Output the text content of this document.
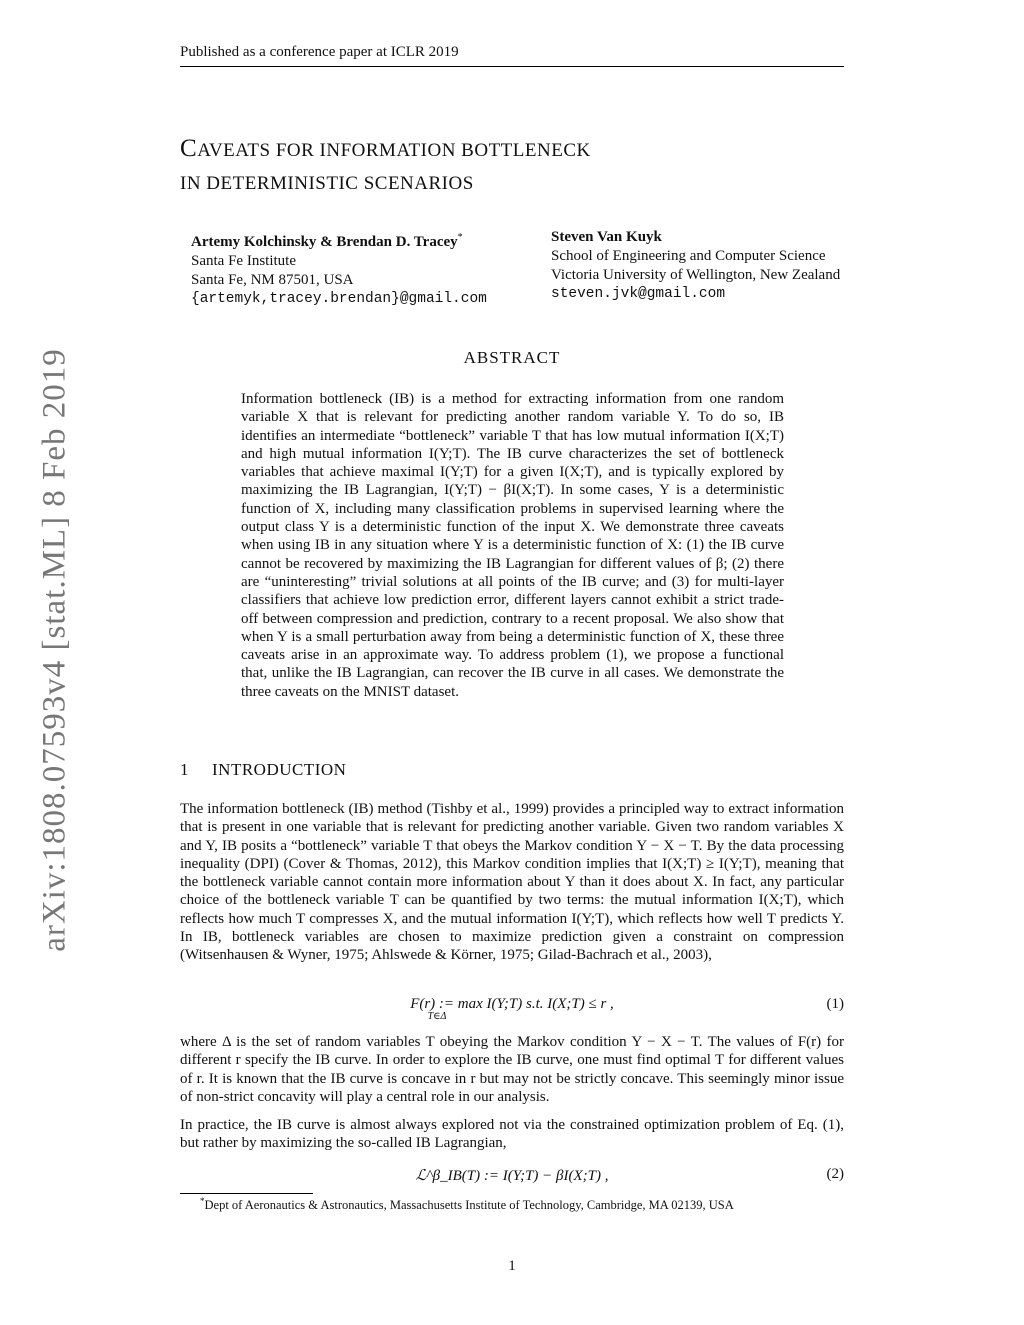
Published as a conference paper at ICLR 2019
CAVEATS FOR INFORMATION BOTTLENECK
IN DETERMINISTIC SCENARIOS
Artemy Kolchinsky & Brendan D. Tracey*
Santa Fe Institute
Santa Fe, NM 87501, USA
{artemyk,tracey.brendan}@gmail.com
Steven Van Kuyk
School of Engineering and Computer Science
Victoria University of Wellington, New Zealand
steven.jvk@gmail.com
arXiv:1808.07593v4 [stat.ML] 8 Feb 2019	ABSTRACT
Information bottleneck (IB) is a method for extracting information from one random variable X that is relevant for predicting another random variable Y. To do so, IB identifies an intermediate “bottleneck” variable T that has low mutual information I(X;T) and high mutual information I(Y;T). The IB curve characterizes the set of bottleneck variables that achieve maximal I(Y;T) for a given I(X;T), and is typically explored by maximizing the IB Lagrangian, I(Y;T) − βI(X;T). In some cases, Y is a deterministic function of X, including many classification problems in supervised learning where the output class Y is a deterministic function of the input X. We demonstrate three caveats when using IB in any situation where Y is a deterministic function of X: (1) the IB curve cannot be recovered by maximizing the IB Lagrangian for different values of β; (2) there are “uninteresting” trivial solutions at all points of the IB curve; and (3) for multi-layer classifiers that achieve low prediction error, different layers cannot exhibit a strict trade-off between compression and prediction, contrary to a recent proposal. We also show that when Y is a small perturbation away from being a deterministic function of X, these three caveats arise in an approximate way. To address problem (1), we propose a functional that, unlike the IB Lagrangian, can recover the IB curve in all cases. We demonstrate the three caveats on the MNIST dataset.
1 INTRODUCTION
The information bottleneck (IB) method (Tishby et al., 1999) provides a principled way to extract information that is present in one variable that is relevant for predicting another variable. Given two random variables X and Y, IB posits a “bottleneck” variable T that obeys the Markov condition Y − X − T. By the data processing inequality (DPI) (Cover & Thomas, 2012), this Markov condition implies that I(X;T) ≥ I(Y;T), meaning that the bottleneck variable cannot contain more information about Y than it does about X. In fact, any particular choice of the bottleneck variable T can be quantified by two terms: the mutual information I(X;T), which reflects how much T compresses X, and the mutual information I(Y;T), which reflects how well T predicts Y. In IB, bottleneck variables are chosen to maximize prediction given a constraint on compression (Witsenhausen & Wyner, 1975; Ahlswede & Körner, 1975; Gilad-Bachrach et al., 2003),
F(r) := max I(Y;T) s.t. I(X;T) ≤ r ,
T∈Δ
(1)
where Δ is the set of random variables T obeying the Markov condition Y − X − T. The values of F(r) for different r specify the IB curve. In order to explore the IB curve, one must find optimal T for different values of r. It is known that the IB curve is concave in r but may not be strictly concave. This seemingly minor issue of non-strict concavity will play a central role in our analysis.
In practice, the IB curve is almost always explored not via the constrained optimization problem of Eq. (1), but rather by maximizing the so-called IB Lagrangian,
ℒ^β_IB(T) := I(Y;T) − βI(X;T) ,	(2)
*Dept of Aeronautics & Astronautics, Massachusetts Institute of Technology, Cambridge, MA 02139, USA
1
